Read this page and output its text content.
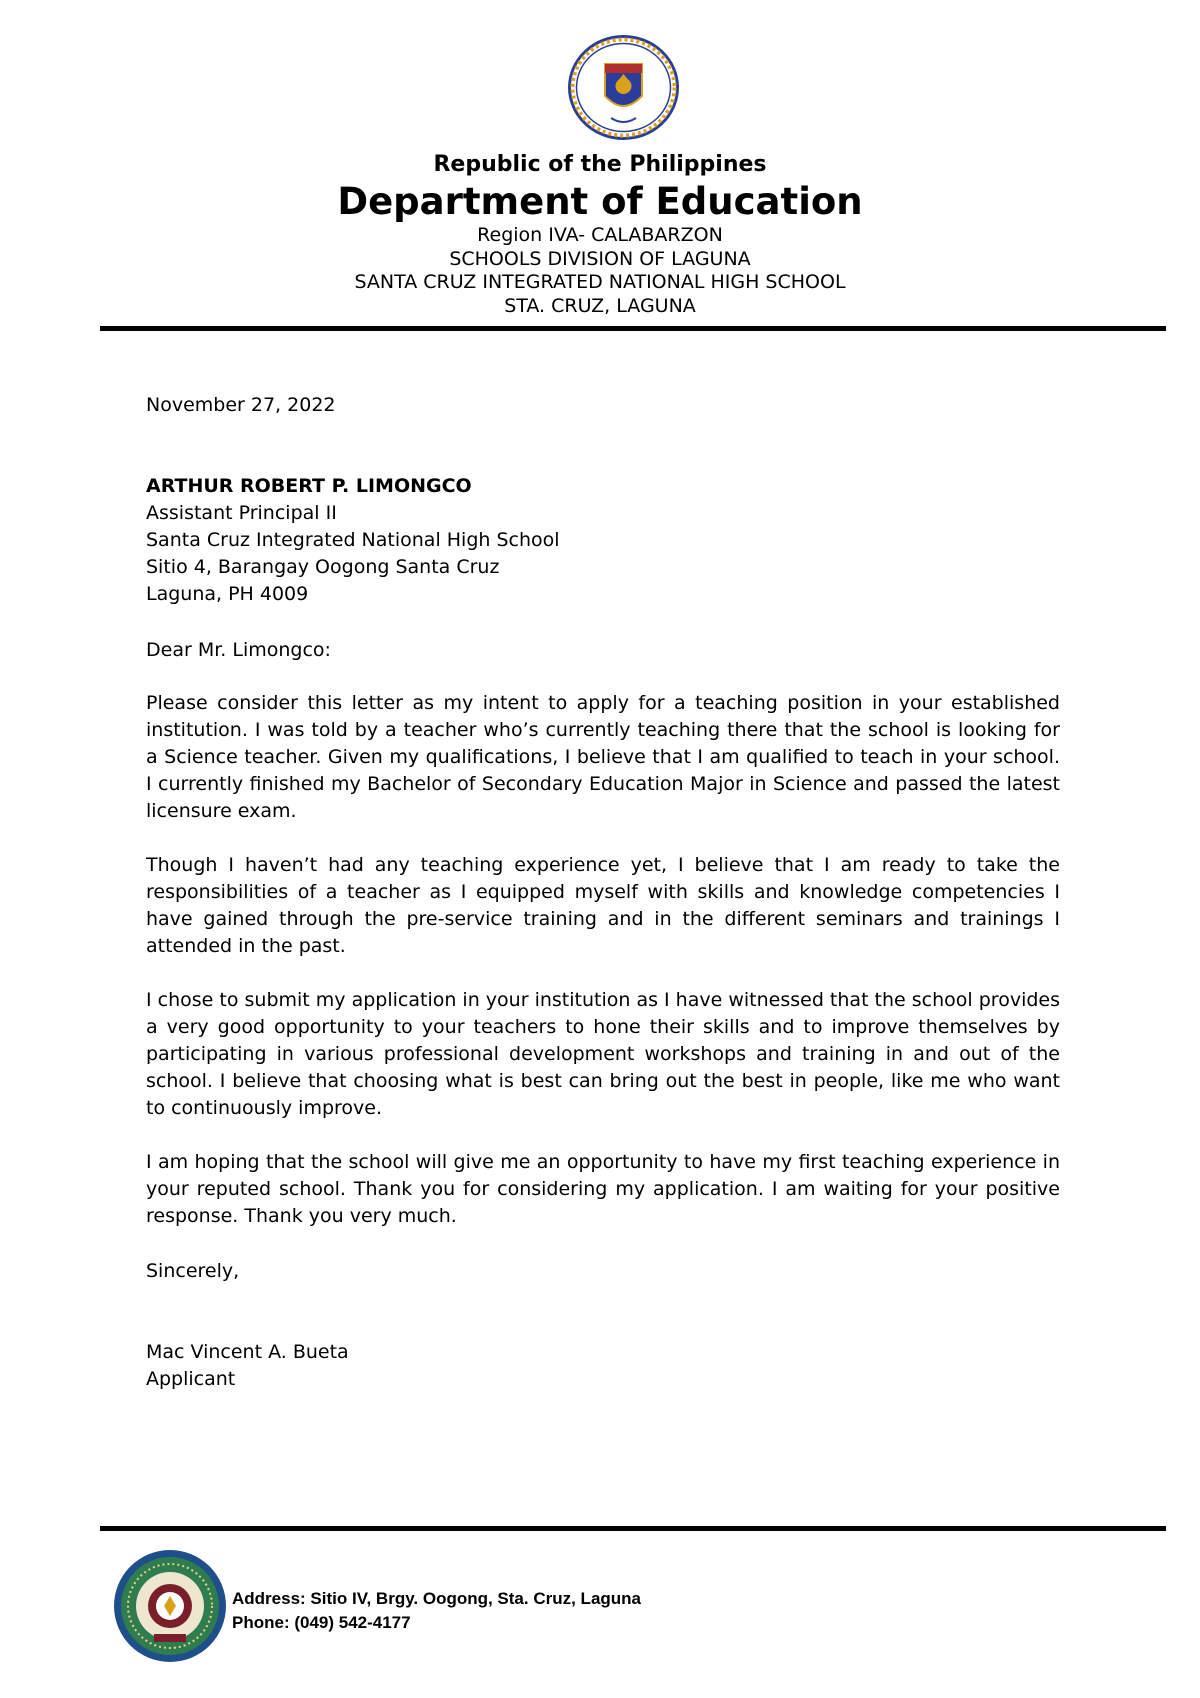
Republic of the Philippines
Department of Education
Region IVA- CALABARZON
SCHOOLS DIVISION OF LAGUNA
SANTA CRUZ INTEGRATED NATIONAL HIGH SCHOOL
STA. CRUZ, LAGUNA
November 27, 2022
ARTHUR ROBERT P. LIMONGCO
Assistant Principal II
Santa Cruz Integrated National High School
Sitio 4, Barangay Oogong Santa Cruz
Laguna, PH 4009
Dear Mr. Limongco:
Please consider this letter as my intent to apply for a teaching position in your established institution. I was told by a teacher who’s currently teaching there that the school is looking for a Science teacher. Given my qualifications, I believe that I am qualified to teach in your school. I currently finished my Bachelor of Secondary Education Major in Science and passed the latest licensure exam.
Though I haven’t had any teaching experience yet, I believe that I am ready to take the responsibilities of a teacher as I equipped myself with skills and knowledge competencies I have gained through the pre-service training and in the different seminars and trainings I attended in the past.
I chose to submit my application in your institution as I have witnessed that the school provides a very good opportunity to your teachers to hone their skills and to improve themselves by participating in various professional development workshops and training in and out of the school. I believe that choosing what is best can bring out the best in people, like me who want to continuously improve.
I am hoping that the school will give me an opportunity to have my first teaching experience in your reputed school. Thank you for considering my application. I am waiting for your positive response. Thank you very much.
Sincerely,
Mac Vincent A. Bueta
Applicant
Address: Sitio IV, Brgy. Oogong, Sta. Cruz, Laguna
Phone: (049) 542-4177
